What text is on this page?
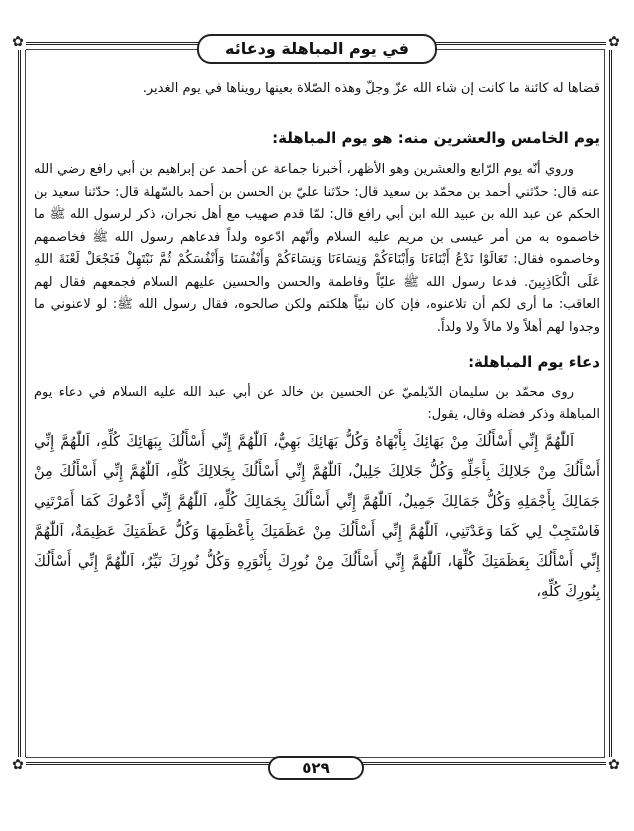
✿	✿
✿	✿
في يوم المباهلة ودعائه

قضاها له كائنة ما كانت إن شاء الله عزّ وجلّ وهذه الصّلاة بعينها رويناها في يوم الغدير.

يوم الخامس والعشرين منه: هو يوم المباهلة:

وروي أنّه يوم الرّابع والعشرين وهو الأظهر، أخبرنا جماعة عن أحمد عن إبراهيم بن أبي رافع رضي الله عنه قال: حدّثني أحمد بن محمّد بن سعيد قال: حدّثنا عليّ بن الحسن بن أحمد بالسّهلة قال: حدّثنا سعيد بن الحكم عن عبد الله بن عبيد الله ابن أبي رافع قال: لمّا قدم صهيب مع أهل نجران، ذكر لرسول الله ﷺ ما خاصموه به من أمر عيسى بن مريم عليه السلام وأنّهم ادّعوه ولداً فدعاهم رسول الله ﷺ فخاصمهم وخاصموه فقال: تَعَالَوْا نَدْعُ أَبْنَاءَنَا وَأَبْنَاءَكُمْ وَنِسَاءَنَا وَنِسَاءَكُمْ وَأَنْفُسَنَا وَأَنْفُسَكُمْ ثُمَّ نَبْتَهِلْ فَنَجْعَلْ لَعْنَةَ اللهِ عَلَى الْكَاذِبِينَ. فدعا رسول الله ﷺ عليّاً وفاطمة والحسن والحسين عليهم السلام فجمعهم فقال لهم العاقب: ما أرى لكم أن تلاعنوه، فإن كان نبيّاً هلكتم ولكن صالحوه، فقال رسول الله ﷺ: لو لاعنوني ما وجدوا لهم أهلاً ولا مالاً ولا ولداً.

دعاء يوم المباهلة:

روى محمّد بن سليمان الدّيلميّ عن الحسين بن خالد عن أبي عبد الله عليه السلام في دعاء يوم المباهلة وذكر فضله وقال، يقول:

اَللّٰهُمَّ إِنِّي أَسْأَلُكَ مِنْ بَهَائِكَ بِأَبْهَاهُ وَكُلُّ بَهَائِكَ بَهِيٌّ، اَللّٰهُمَّ إِنِّي أَسْأَلُكَ بِبَهَائِكَ كُلِّهِ، اَللّٰهُمَّ إِنِّي أَسْأَلُكَ مِنْ جَلالِكَ بِأَجَلِّهِ وَكُلُّ جَلالِكَ جَلِيلٌ، اَللّٰهُمَّ إِنِّي أَسْأَلُكَ بِجَلالِكَ كُلِّهِ، اَللّٰهُمَّ إِنِّي أَسْأَلُكَ مِنْ جَمَالِكَ بِأَجْمَلِهِ وَكُلُّ جَمَالِكَ جَمِيلٌ، اَللّٰهُمَّ إِنِّي أَسْأَلُكَ بِجَمَالِكَ كُلِّهِ، اَللّٰهُمَّ إِنِّي أَدْعُوكَ كَمَا أَمَرْتَنِي فَاسْتَجِبْ لِي كَمَا وَعَدْتَنِي، اَللّٰهُمَّ إِنِّي أَسْأَلُكَ مِنْ عَظَمَتِكَ بِأَعْظَمِهَا وَكُلُّ عَظَمَتِكَ عَظِيمَةٌ، اَللّٰهُمَّ إِنِّي أَسْأَلُكَ بِعَظَمَتِكَ كُلِّهَا، اَللّٰهُمَّ إِنِّي أَسْأَلُكَ مِنْ نُورِكَ بِأَنْوَرِهِ وَكُلُّ نُورِكَ نَيِّرٌ، اَللّٰهُمَّ إِنِّي أَسْأَلُكَ بِنُورِكَ كُلِّهِ،

٥٢٩
